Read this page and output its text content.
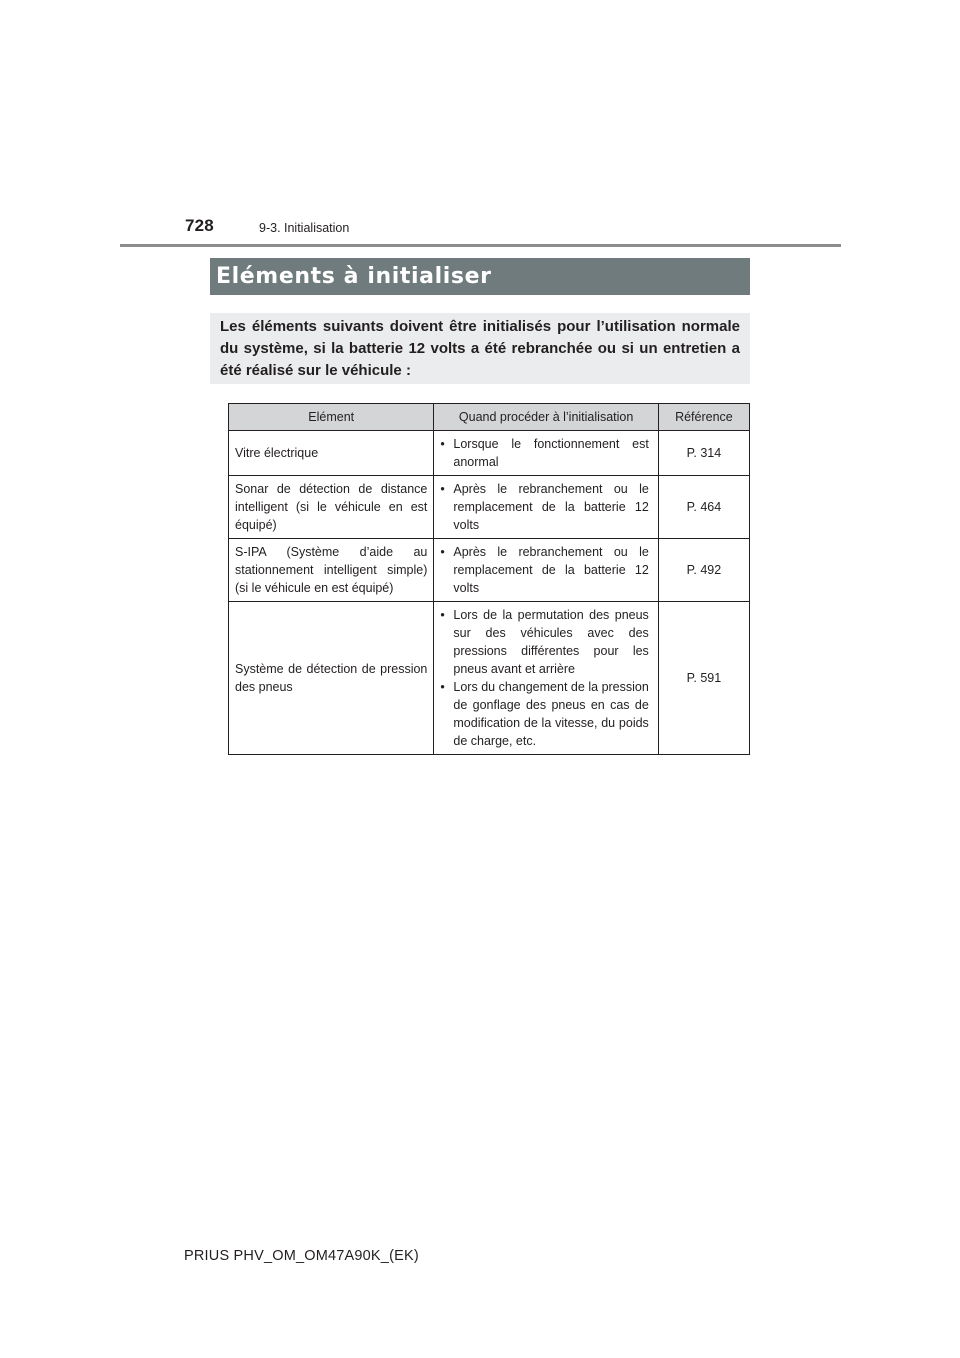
728	9-3. Initialisation
Eléments à initialiser

Les éléments suivants doivent être initialisés pour l’utilisation normale du système, si la batterie 12 volts a été rebranchée ou si un entretien a été réalisé sur le véhicule :

Elément	Quand procéder à l’initialisation	Référence
Vitre électrique	• Lorsque le fonctionnement est anormal	P. 314
Sonar de détection de distance intelligent (si le véhicule en est équipé)	• Après le rebranchement ou le remplacement de la batterie 12 volts	P. 464
S-IPA (Système d’aide au stationnement intelligent simple) (si le véhicule en est équipé)	• Après le rebranchement ou le remplacement de la batterie 12 volts	P. 492
Système de détection de pression des pneus	• Lors de la permutation des pneus sur des véhicules avec des pressions différentes pour les pneus avant et arrière
• Lors du changement de la pression de gonflage des pneus en cas de modification de la vitesse, du poids de charge, etc.	P. 591
PRIUS PHV_OM_OM47A90K_(EK)
